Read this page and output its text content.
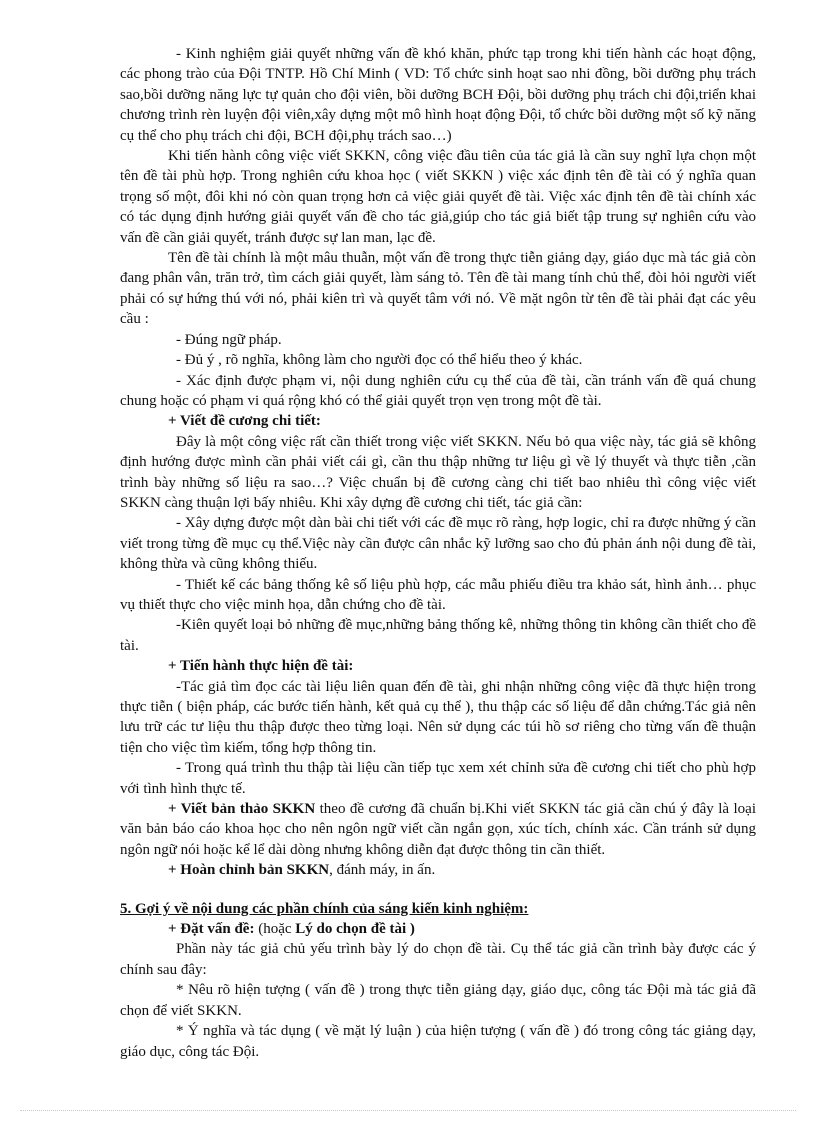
- Kinh nghiệm giải quyết những vấn đề khó khăn, phức tạp trong khi tiến hành các hoạt động, các phong trào của Đội TNTP. Hồ Chí Minh ( VD: Tổ chức sinh hoạt sao nhi đồng, bồi dưỡng phụ trách sao,bồi dưỡng năng lực tự quản cho đội viên, bồi dưỡng BCH Đội, bồi dưỡng phụ trách chi đội,triển khai chương trình rèn luyện đội viên,xây dựng một mô hình hoạt động Đội, tổ chức bồi dưỡng một số kỹ năng cụ thể cho phụ trách chi đội, BCH đội,phụ trách sao…)

Khi tiến hành công việc viết SKKN, công việc đầu tiên của tác giả là cần suy nghĩ lựa chọn một tên đề tài phù hợp. Trong nghiên cứu khoa học ( viết SKKN ) việc xác định tên đề tài có ý nghĩa quan trọng số một, đôi khi nó còn quan trọng hơn cả việc giải quyết đề tài. Việc xác định tên đề tài chính xác có tác dụng định hướng giải quyết vấn đề cho tác giả,giúp cho tác giả biết tập trung sự nghiên cứu vào vấn đề cần giải quyết, tránh được sự lan man, lạc đề.

Tên đề tài chính là một mâu thuẫn, một vấn đề trong thực tiễn giảng dạy, giáo dục mà tác giả còn đang phân vân, trăn trở, tìm cách giải quyết, làm sáng tỏ. Tên đề tài mang tính chủ thể, đòi hỏi người viết phải có sự hứng thú với nó, phải kiên trì và quyết tâm với nó. Về mặt ngôn từ tên đề tài phải đạt các yêu cầu :

- Đúng ngữ pháp.

- Đủ ý , rõ nghĩa, không làm cho người đọc có thể hiểu theo ý khác.

- Xác định được phạm vi, nội dung nghiên cứu cụ thể của đề tài, cần tránh vấn đề quá chung chung hoặc có phạm vi quá rộng khó có thể giải quyết trọn vẹn trong một đề tài.

+ Viết đề cương chi tiết:

Đây là một công việc rất cần thiết trong việc viết SKKN. Nếu bỏ qua việc này, tác giả sẽ không định hướng được mình cần phải viết cái gì, cần thu thập những tư liệu gì về lý thuyết và thực tiễn ,cần trình bày những số liệu ra sao…? Việc chuẩn bị đề cương càng chi tiết bao nhiêu thì công việc viết SKKN càng thuận lợi bấy nhiêu. Khi xây dựng đề cương chi tiết, tác giả cần:

- Xây dựng được một dàn bài chi tiết với các đề mục rõ ràng, hợp logic, chỉ ra được những ý cần viết trong từng đề mục cụ thể.Việc này cần được cân nhắc kỹ lưỡng sao cho đủ phản ánh nội dung đề tài, không thừa và cũng không thiếu.

- Thiết kế các bảng thống kê số liệu phù hợp, các mẫu phiếu điều tra khảo sát, hình ảnh… phục vụ thiết thực cho việc minh họa, dẫn chứng cho đề tài.

-Kiên quyết loại bỏ những đề mục,những bảng thống kê, những thông tin không cần thiết cho đề tài.

+ Tiến hành thực hiện đề tài:

-Tác giả tìm đọc các tài liệu liên quan đến đề tài, ghi nhận những công việc đã thực hiện trong thực tiễn ( biện pháp, các bước tiến hành, kết quả cụ thể ), thu thập các số liệu để dẫn chứng.Tác giả nên lưu trữ các tư liệu thu thập được theo từng loại. Nên sử dụng các túi hồ sơ riêng cho từng vấn đề thuận tiện cho việc tìm kiếm, tổng hợp thông tin.

- Trong quá trình thu thập tài liệu cần tiếp tục xem xét chỉnh sửa đề cương chi tiết cho phù hợp với tình hình thực tế.

+ Viết bản thảo SKKN theo đề cương đã chuẩn bị.Khi viết SKKN tác giả cần chú ý đây là loại văn bản báo cáo khoa học cho nên ngôn ngữ viết cần ngắn gọn, xúc tích, chính xác. Cần tránh sử dụng ngôn ngữ nói hoặc kể lể dài dòng nhưng không diễn đạt được thông tin cần thiết.

+ Hoàn chỉnh bản SKKN, đánh máy, in ấn.

5. Gợi ý về nội dung các phần chính của sáng kiến kinh nghiệm:

+ Đặt vấn đề: (hoặc Lý do chọn đề tài )

Phần này tác giả chủ yếu trình bày lý do chọn đề tài. Cụ thể tác giả cần trình bày được các ý chính sau đây:

* Nêu rõ hiện tượng ( vấn đề ) trong thực tiễn giảng dạy, giáo dục, công tác Đội mà tác giả đã chọn để viết SKKN.

* Ý nghĩa và tác dụng ( về mặt lý luận ) của hiện tượng ( vấn đề ) đó trong công tác giảng dạy, giáo dục, công tác Đội.
